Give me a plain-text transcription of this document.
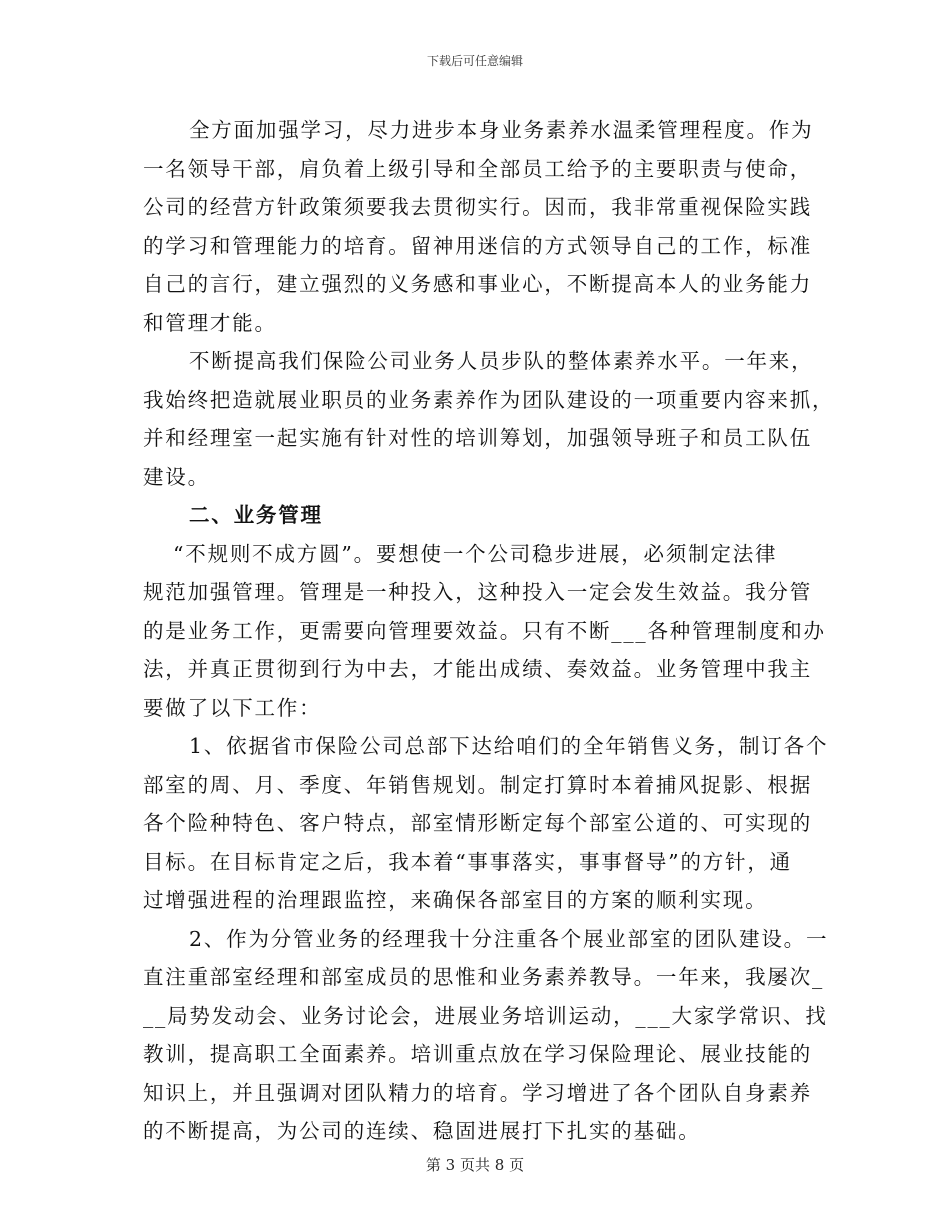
下载后可任意编辑

全方面加强学习，尽力进步本身业务素养水温柔管理程度。作为
一名领导干部，肩负着上级引导和全部员工给予的主要职责与使命，
公司的经营方针政策须要我去贯彻实行。因而，我非常重视保险实践
的学习和管理能力的培育。留神用迷信的方式领导自己的工作，标准
自己的言行，建立强烈的义务感和事业心，不断提高本人的业务能力
和管理才能。

不断提高我们保险公司业务人员步队的整体素养水平。一年来，
我始终把造就展业职员的业务素养作为团队建设的一项重要内容来抓，
并和经理室一起实施有针对性的培训筹划，加强领导班子和员工队伍
建设。

二、业务管理

“不规则不成方圆”。要想使一个公司稳步进展，必须制定法律
规范加强管理。管理是一种投入，这种投入一定会发生效益。我分管
的是业务工作，更需要向管理要效益。只有不断___各种管理制度和办
法，并真正贯彻到行为中去，才能出成绩、奏效益。业务管理中我主
要做了以下工作：

1、依据省市保险公司总部下达给咱们的全年销售义务，制订各个
部室的周、月、季度、年销售规划。制定打算时本着捕风捉影、根据
各个险种特色、客户特点，部室情形断定每个部室公道的、可实现的
目标。在目标肯定之后，我本着“事事落实，事事督导”的方针，通
过增强进程的治理跟监控，来确保各部室目的方案的顺利实现。

2、作为分管业务的经理我十分注重各个展业部室的团队建设。一
直注重部室经理和部室成员的思惟和业务素养教导。一年来，我屡次_
__局势发动会、业务讨论会，进展业务培训运动，___大家学常识、找
教训，提高职工全面素养。培训重点放在学习保险理论、展业技能的
知识上，并且强调对团队精力的培育。学习增进了各个团队自身素养
的不断提高，为公司的连续、稳固进展打下扎实的基础。

第 3 页共 8 页
